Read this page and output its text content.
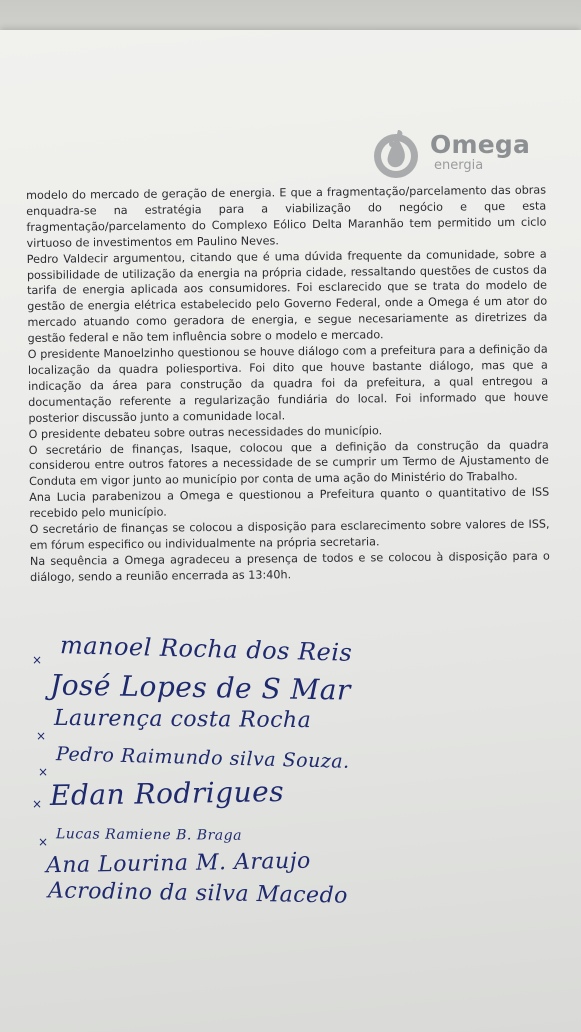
Omega
energia

modelo do mercado de geração de energia. E que a fragmentação/parcelamento das obras enquadra-se na estratégia para a viabilização do negócio e que esta fragmentação/parcelamento do Complexo Eólico Delta Maranhão tem permitido um ciclo virtuoso de investimentos em Paulino Neves.

Pedro Valdecir argumentou, citando que é uma dúvida frequente da comunidade, sobre a possibilidade de utilização da energia na própria cidade, ressaltando questões de custos da tarifa de energia aplicada aos consumidores. Foi esclarecido que se trata do modelo de gestão de energia elétrica estabelecido pelo Governo Federal, onde a Omega é um ator do mercado atuando como geradora de energia, e segue necesariamente as diretrizes da gestão federal e não tem influência sobre o modelo e mercado.

O presidente Manoelzinho questionou se houve diálogo com a prefeitura para a definição da localização da quadra poliesportiva. Foi dito que houve bastante diálogo, mas que a indicação da área para construção da quadra foi da prefeitura, a qual entregou a documentação referente a regularização fundiária do local. Foi informado que houve posterior discussão junto a comunidade local.

O presidente debateu sobre outras necessidades do município.

O secretário de finanças, Isaque, colocou que a definição da construção da quadra considerou entre outros fatores a necessidade de se cumprir um Termo de Ajustamento de Conduta em vigor junto ao município por conta de uma ação do Ministério do Trabalho.

Ana Lucia parabenizou a Omega e questionou a Prefeitura quanto o quantitativo de ISS recebido pelo município.

O secretário de finanças se colocou a disposição para esclarecimento sobre valores de ISS, em fórum especifico ou individualmente na própria secretaria.

Na sequência a Omega agradeceu a presença de todos e se colocou à disposição para o diálogo, sendo a reunião encerrada as 13:40h.

× manoel Rocha dos Reis
José Lopes de S Mar
×
Laurença costa Rocha
× Pedro Raimundo silva Souza.
× Edan Rodrigues
× Lucas Ramiene B. Braga
Ana Lourina M. Araujo
Acrodino da silva Macedo
